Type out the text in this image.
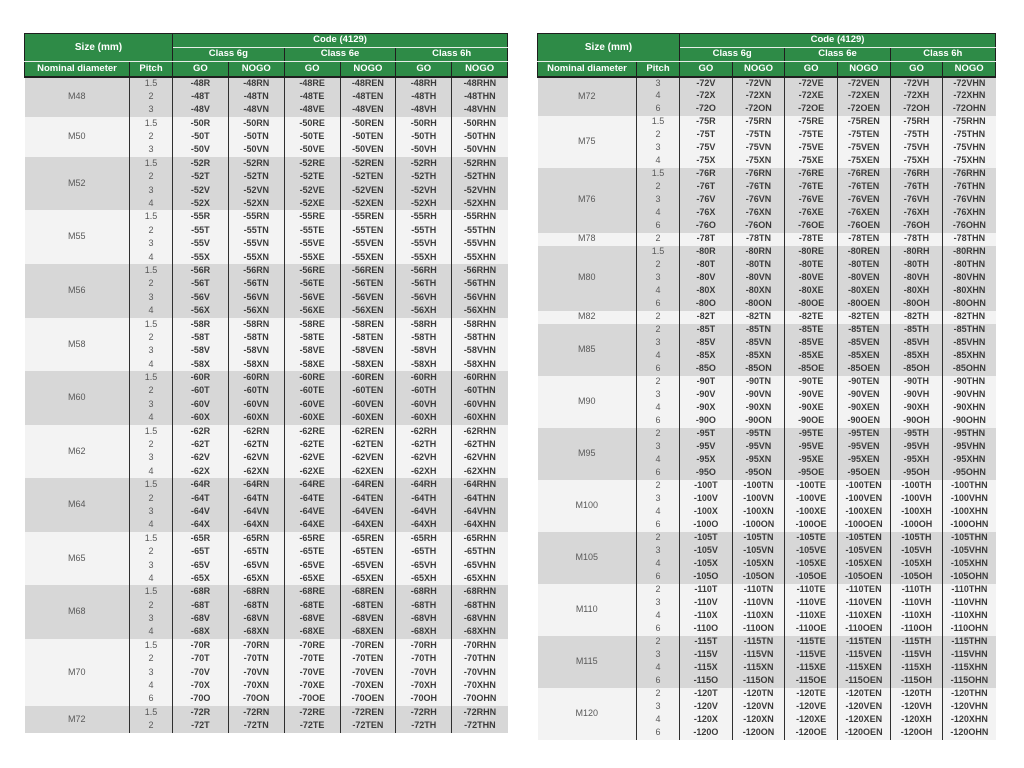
Size (mm)		Code (4129)					
		Class 6g		Class 6e		Class 6h	
Nominal diameter	Pitch	GO	NOGO	GO	NOGO	GO	NOGO
M48	1.5	-48R	-48RN	-48RE	-48REN	-48RH	-48RHN
	2	-48T	-48TN	-48TE	-48TEN	-48TH	-48THN
	3	-48V	-48VN	-48VE	-48VEN	-48VH	-48VHN
M50	1.5	-50R	-50RN	-50RE	-50REN	-50RH	-50RHN
	2	-50T	-50TN	-50TE	-50TEN	-50TH	-50THN
	3	-50V	-50VN	-50VE	-50VEN	-50VH	-50VHN
M52	1.5	-52R	-52RN	-52RE	-52REN	-52RH	-52RHN
	2	-52T	-52TN	-52TE	-52TEN	-52TH	-52THN
	3	-52V	-52VN	-52VE	-52VEN	-52VH	-52VHN
	4	-52X	-52XN	-52XE	-52XEN	-52XH	-52XHN
M55	1.5	-55R	-55RN	-55RE	-55REN	-55RH	-55RHN
	2	-55T	-55TN	-55TE	-55TEN	-55TH	-55THN
	3	-55V	-55VN	-55VE	-55VEN	-55VH	-55VHN
	4	-55X	-55XN	-55XE	-55XEN	-55XH	-55XHN
M56	1.5	-56R	-56RN	-56RE	-56REN	-56RH	-56RHN
	2	-56T	-56TN	-56TE	-56TEN	-56TH	-56THN
	3	-56V	-56VN	-56VE	-56VEN	-56VH	-56VHN
	4	-56X	-56XN	-56XE	-56XEN	-56XH	-56XHN
M58	1.5	-58R	-58RN	-58RE	-58REN	-58RH	-58RHN
	2	-58T	-58TN	-58TE	-58TEN	-58TH	-58THN
	3	-58V	-58VN	-58VE	-58VEN	-58VH	-58VHN
	4	-58X	-58XN	-58XE	-58XEN	-58XH	-58XHN
M60	1.5	-60R	-60RN	-60RE	-60REN	-60RH	-60RHN
	2	-60T	-60TN	-60TE	-60TEN	-60TH	-60THN
	3	-60V	-60VN	-60VE	-60VEN	-60VH	-60VHN
	4	-60X	-60XN	-60XE	-60XEN	-60XH	-60XHN
M62	1.5	-62R	-62RN	-62RE	-62REN	-62RH	-62RHN
	2	-62T	-62TN	-62TE	-62TEN	-62TH	-62THN
	3	-62V	-62VN	-62VE	-62VEN	-62VH	-62VHN
	4	-62X	-62XN	-62XE	-62XEN	-62XH	-62XHN
M64	1.5	-64R	-64RN	-64RE	-64REN	-64RH	-64RHN
	2	-64T	-64TN	-64TE	-64TEN	-64TH	-64THN
	3	-64V	-64VN	-64VE	-64VEN	-64VH	-64VHN
	4	-64X	-64XN	-64XE	-64XEN	-64XH	-64XHN
M65	1.5	-65R	-65RN	-65RE	-65REN	-65RH	-65RHN
	2	-65T	-65TN	-65TE	-65TEN	-65TH	-65THN
	3	-65V	-65VN	-65VE	-65VEN	-65VH	-65VHN
	4	-65X	-65XN	-65XE	-65XEN	-65XH	-65XHN
M68	1.5	-68R	-68RN	-68RE	-68REN	-68RH	-68RHN
	2	-68T	-68TN	-68TE	-68TEN	-68TH	-68THN
	3	-68V	-68VN	-68VE	-68VEN	-68VH	-68VHN
	4	-68X	-68XN	-68XE	-68XEN	-68XH	-68XHN
M70	1.5	-70R	-70RN	-70RE	-70REN	-70RH	-70RHN
	2	-70T	-70TN	-70TE	-70TEN	-70TH	-70THN
	3	-70V	-70VN	-70VE	-70VEN	-70VH	-70VHN
	4	-70X	-70XN	-70XE	-70XEN	-70XH	-70XHN
	6	-70O	-70ON	-70OE	-70OEN	-70OH	-70OHN
M72	1.5	-72R	-72RN	-72RE	-72REN	-72RH	-72RHN
	2	-72T	-72TN	-72TE	-72TEN	-72TH	-72THN
Size (mm)		Code (4129)					
		Class 6g		Class 6e		Class 6h	
Nominal diameter	Pitch	GO	NOGO	GO	NOGO	GO	NOGO
M72	3	-72V	-72VN	-72VE	-72VEN	-72VH	-72VHN
	4	-72X	-72XN	-72XE	-72XEN	-72XH	-72XHN
	6	-72O	-72ON	-72OE	-72OEN	-72OH	-72OHN
M75	1.5	-75R	-75RN	-75RE	-75REN	-75RH	-75RHN
	2	-75T	-75TN	-75TE	-75TEN	-75TH	-75THN
	3	-75V	-75VN	-75VE	-75VEN	-75VH	-75VHN
	4	-75X	-75XN	-75XE	-75XEN	-75XH	-75XHN
M76	1.5	-76R	-76RN	-76RE	-76REN	-76RH	-76RHN
	2	-76T	-76TN	-76TE	-76TEN	-76TH	-76THN
	3	-76V	-76VN	-76VE	-76VEN	-76VH	-76VHN
	4	-76X	-76XN	-76XE	-76XEN	-76XH	-76XHN
	6	-76O	-76ON	-76OE	-76OEN	-76OH	-76OHN
M78	2	-78T	-78TN	-78TE	-78TEN	-78TH	-78THN
M80	1.5	-80R	-80RN	-80RE	-80REN	-80RH	-80RHN
	2	-80T	-80TN	-80TE	-80TEN	-80TH	-80THN
	3	-80V	-80VN	-80VE	-80VEN	-80VH	-80VHN
	4	-80X	-80XN	-80XE	-80XEN	-80XH	-80XHN
	6	-80O	-80ON	-80OE	-80OEN	-80OH	-80OHN
M82	2	-82T	-82TN	-82TE	-82TEN	-82TH	-82THN
M85	2	-85T	-85TN	-85TE	-85TEN	-85TH	-85THN
	3	-85V	-85VN	-85VE	-85VEN	-85VH	-85VHN
	4	-85X	-85XN	-85XE	-85XEN	-85XH	-85XHN
	6	-85O	-85ON	-85OE	-85OEN	-85OH	-85OHN
M90	2	-90T	-90TN	-90TE	-90TEN	-90TH	-90THN
	3	-90V	-90VN	-90VE	-90VEN	-90VH	-90VHN
	4	-90X	-90XN	-90XE	-90XEN	-90XH	-90XHN
	6	-90O	-90ON	-90OE	-90OEN	-90OH	-90OHN
M95	2	-95T	-95TN	-95TE	-95TEN	-95TH	-95THN
	3	-95V	-95VN	-95VE	-95VEN	-95VH	-95VHN
	4	-95X	-95XN	-95XE	-95XEN	-95XH	-95XHN
	6	-95O	-95ON	-95OE	-95OEN	-95OH	-95OHN
M100	2	-100T	-100TN	-100TE	-100TEN	-100TH	-100THN
	3	-100V	-100VN	-100VE	-100VEN	-100VH	-100VHN
	4	-100X	-100XN	-100XE	-100XEN	-100XH	-100XHN
	6	-100O	-100ON	-100OE	-100OEN	-100OH	-100OHN
M105	2	-105T	-105TN	-105TE	-105TEN	-105TH	-105THN
	3	-105V	-105VN	-105VE	-105VEN	-105VH	-105VHN
	4	-105X	-105XN	-105XE	-105XEN	-105XH	-105XHN
	6	-105O	-105ON	-105OE	-105OEN	-105OH	-105OHN
M110	2	-110T	-110TN	-110TE	-110TEN	-110TH	-110THN
	3	-110V	-110VN	-110VE	-110VEN	-110VH	-110VHN
	4	-110X	-110XN	-110XE	-110XEN	-110XH	-110XHN
	6	-110O	-110ON	-110OE	-110OEN	-110OH	-110OHN
M115	2	-115T	-115TN	-115TE	-115TEN	-115TH	-115THN
	3	-115V	-115VN	-115VE	-115VEN	-115VH	-115VHN
	4	-115X	-115XN	-115XE	-115XEN	-115XH	-115XHN
	6	-115O	-115ON	-115OE	-115OEN	-115OH	-115OHN
M120	2	-120T	-120TN	-120TE	-120TEN	-120TH	-120THN
	3	-120V	-120VN	-120VE	-120VEN	-120VH	-120VHN
	4	-120X	-120XN	-120XE	-120XEN	-120XH	-120XHN
	6	-120O	-120ON	-120OE	-120OEN	-120OH	-120OHN
